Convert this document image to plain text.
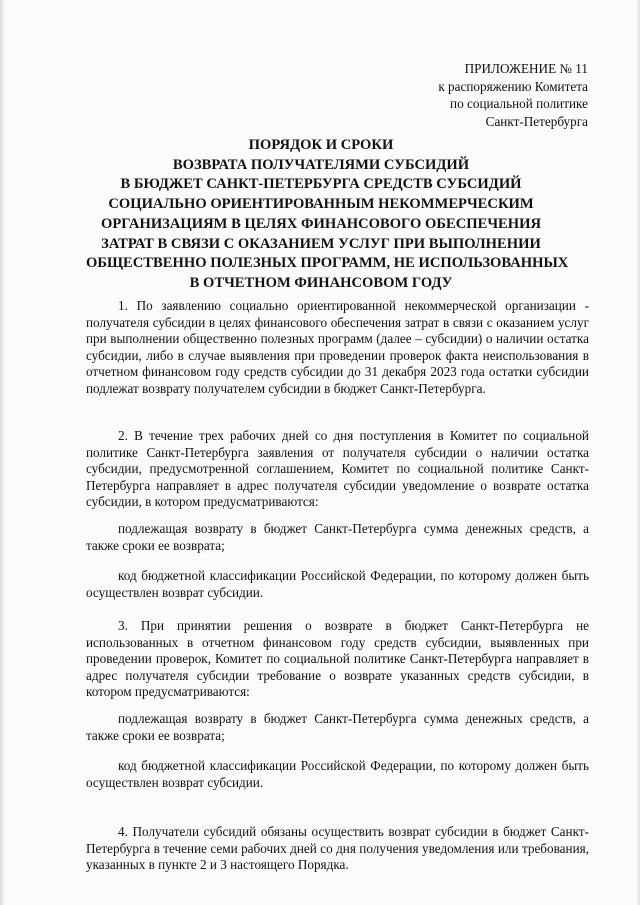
ПРИЛОЖЕНИЕ № 11
к распоряжению Комитета
по социальной политике
Санкт-Петербурга
ПОРЯДОК И СРОКИ
ВОЗВРАТА ПОЛУЧАТЕЛЯМИ СУБСИДИЙ
В БЮДЖЕТ САНКТ-ПЕТЕРБУРГА СРЕДСТВ СУБСИДИЙ
СОЦИАЛЬНО ОРИЕНТИРОВАННЫМ НЕКОММЕРЧЕСКИМ
ОРГАНИЗАЦИЯМ В ЦЕЛЯХ ФИНАНСОВОГО ОБЕСПЕЧЕНИЯ
ЗАТРАТ В СВЯЗИ С ОКАЗАНИЕМ УСЛУГ ПРИ ВЫПОЛНЕНИИ
ОБЩЕСТВЕННО ПОЛЕЗНЫХ ПРОГРАММ, НЕ ИСПОЛЬЗОВАННЫХ
В ОТЧЕТНОМ ФИНАНСОВОМ ГОДУ

1. По заявлению социально ориентированной некоммерческой организации - получателя субсидии в целях финансового обеспечения затрат в связи с оказанием услуг при выполнении общественно полезных программ (далее – субсидии) о наличии остатка субсидии, либо в случае выявления при проведении проверок факта неиспользования в отчетном финансовом году средств субсидии до 31 декабря 2023 года остатки субсидии подлежат возврату получателем субсидии в бюджет Санкт-Петербурга.

2. В течение трех рабочих дней со дня поступления в Комитет по социальной политике Санкт-Петербурга заявления от получателя субсидии о наличии остатка субсидии, предусмотренной соглашением, Комитет по социальной политике Санкт-Петербурга направляет в адрес получателя субсидии уведомление о возврате остатка субсидии, в котором предусматриваются:

подлежащая возврату в бюджет Санкт-Петербурга сумма денежных средств, а также сроки ее возврата;

код бюджетной классификации Российской Федерации, по которому должен быть осуществлен возврат субсидии.

3. При принятии решения о возврате в бюджет Санкт-Петербурга не использованных в отчетном финансовом году средств субсидии, выявленных при проведении проверок, Комитет по социальной политике Санкт-Петербурга направляет в адрес получателя субсидии требование о возврате указанных средств субсидии, в котором предусматриваются:

подлежащая возврату в бюджет Санкт-Петербурга сумма денежных средств, а также сроки ее возврата;

код бюджетной классификации Российской Федерации, по которому должен быть осуществлен возврат субсидии.

4. Получатели субсидий обязаны осуществить возврат субсидии в бюджет Санкт-Петербурга в течение семи рабочих дней со дня получения уведомления или требования, указанных в пункте 2 и 3 настоящего Порядка.
